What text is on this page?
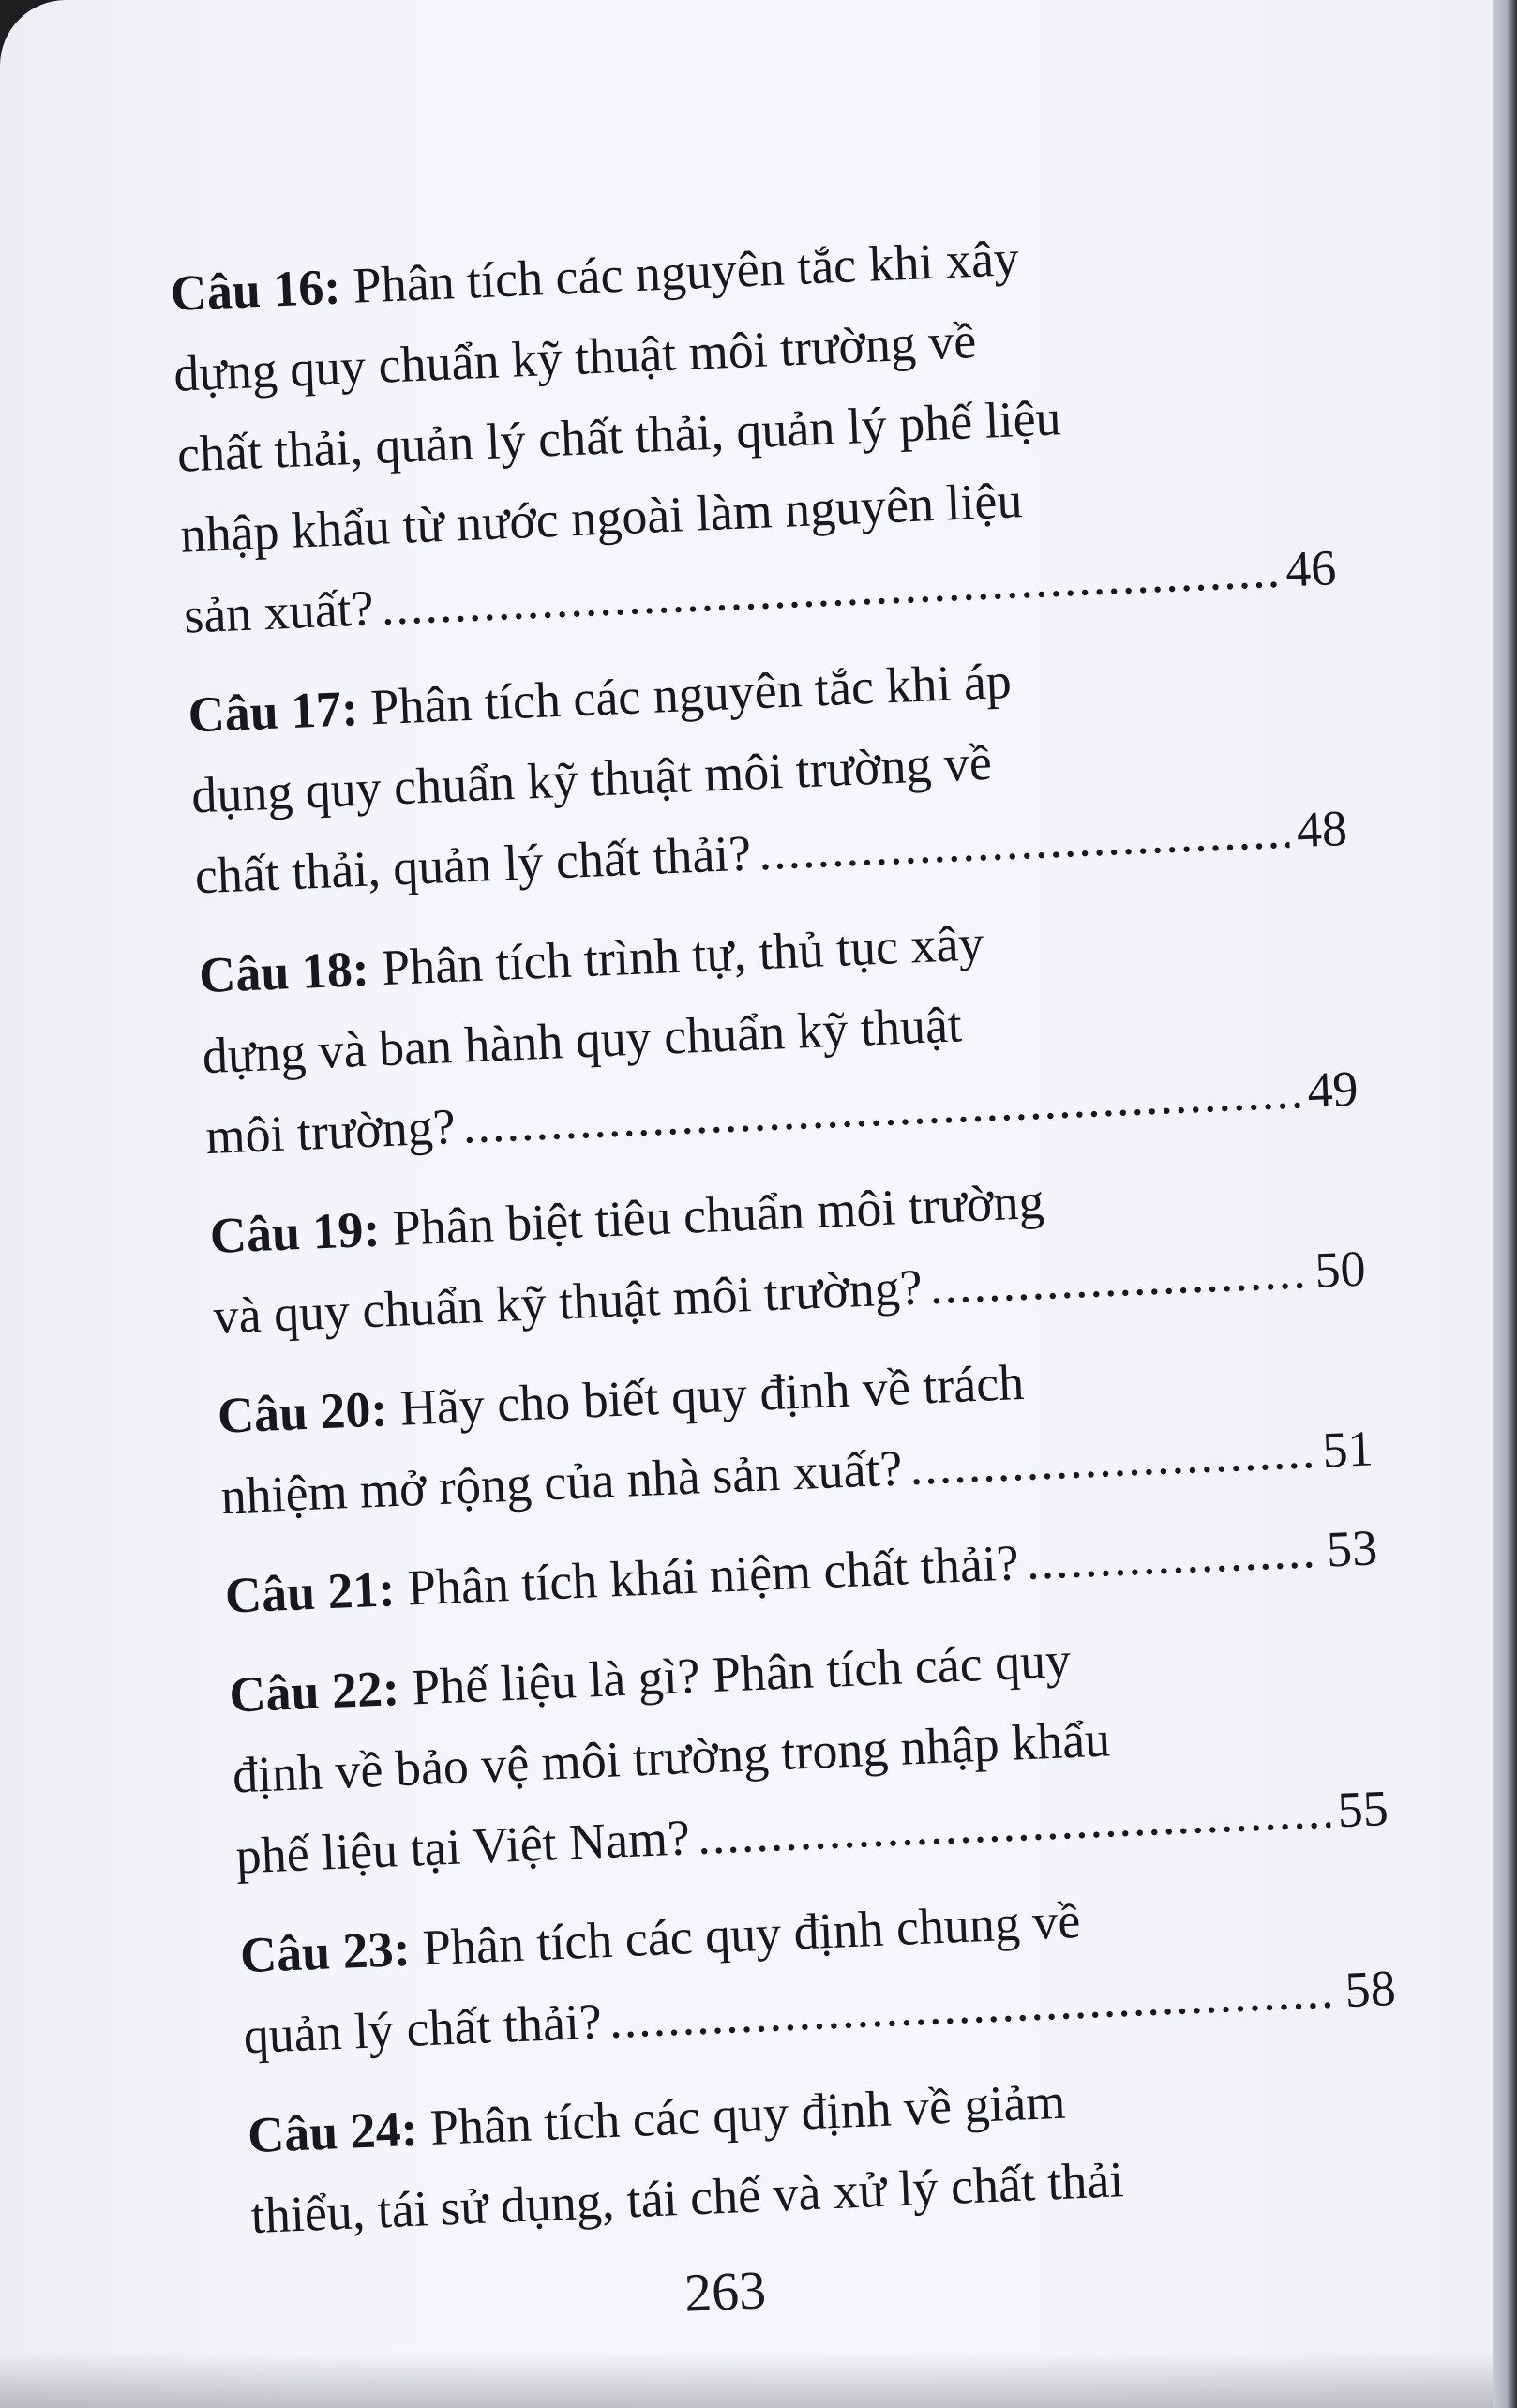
Câu 16: Phân tích các nguyên tắc khi xây
dựng quy chuẩn kỹ thuật môi trường về
chất thải, quản lý chất thải, quản lý phế liệu
nhập khẩu từ nước ngoài làm nguyên liệu
sản xuất?
.....
46
Câu 17: Phân tích các nguyên tắc khi áp
dụng quy chuẩn kỹ thuật môi trường về
chất thải, quản lý chất thải? .....	48
Câu 18: Phân tích trình tự, thủ tục xây
dựng và ban hành quy chuẩn kỹ thuật
môi trường?
.....
49
Câu 19: Phân biệt tiêu chuẩn môi trường
và quy chuẩn kỹ thuật môi trường? .....	50
Câu 20: Hãy cho biết quy định về trách
nhiệm mở rộng của nhà sản xuất? .....	51
Câu 21: Phân tích khái niệm chất thải? .....	53
Câu 22: Phế liệu là gì? Phân tích các quy
định về bảo vệ môi trường trong nhập khẩu
phế liệu tại Việt Nam?
.....
55
Câu 23: Phân tích các quy định chung về
quản lý chất thải?
.....
58
Câu 24: Phân tích các quy định về giảm
thiểu, tái sử dụng, tái chế và xử lý chất thải
263
